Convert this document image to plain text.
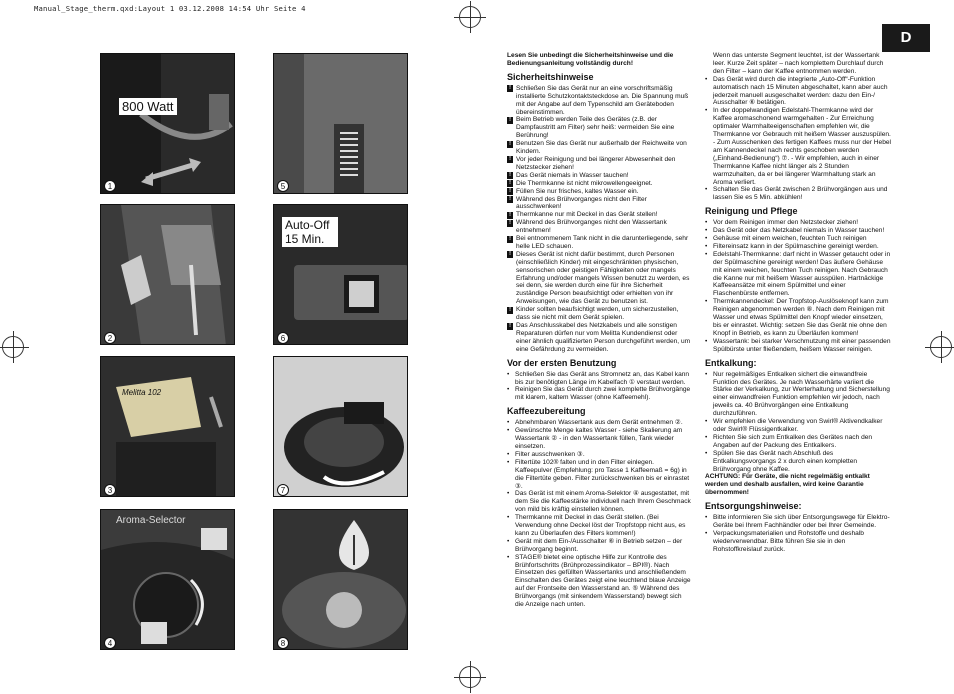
Manual_Stage_therm.qxd:Layout 1 03.12.2008 14:54 Uhr Seite 4
D
800 Watt
1
2
Melitta 102
3
Aroma-Selector
4
5
Auto-Off 15 Min.
6
7
8

Lesen Sie unbedingt die Sicherheitshinweise und die Bedienungsanleitung vollständig durch!

Sicherheitshinweise
! Schließen Sie das Gerät nur an eine vorschriftsmäßig installierte Schutzkontaktsteckdose an. Die Spannung muß mit der Angabe auf dem Typenschild am Geräteboden übereinstimmen.
! Beim Betrieb werden Teile des Gerätes (z.B. der Dampfaustritt am Filter) sehr heiß: vermeiden Sie eine Berührung!
! Benutzen Sie das Gerät nur außerhalb der Reichweite von Kindern.
! Vor jeder Reinigung und bei längerer Abwesenheit den Netzstecker ziehen!
! Das Gerät niemals in Wasser tauchen!
! Die Thermkanne ist nicht mikrowellengeeignet.
! Füllen Sie nur frisches, kaltes Wasser ein.
! Während des Brühvorganges nicht den Filter ausschwenken!
! Thermkanne nur mit Deckel in das Gerät stellen!
! Während des Brühvorganges nicht den Wassertank entnehmen!
! Bei entnommenem Tank nicht in die darunterliegende, sehr helle LED schauen.
! Dieses Gerät ist nicht dafür bestimmt, durch Personen (einschließlich Kinder) mit eingeschränkten physischen, sensorischen oder geistigen Fähigkeiten oder mangels Erfahrung und/oder mangels Wissen benutzt zu werden, es sei denn, sie werden durch eine für ihre Sicherheit zuständige Person beaufsichtigt oder erhielten von ihr Anweisungen, wie das Gerät zu benutzen ist.
! Kinder sollten beaufsichtigt werden, um sicherzustellen, dass sie nicht mit dem Gerät spielen.
! Das Anschlusskabel des Netzkabels und alle sonstigen Reparaturen dürfen nur vom Melitta Kundendienst oder einer ähnlich qualifizierten Person durchgeführt werden, um eine Gefährdung zu vermeiden.
Vor der ersten Benutzung
• Schließen Sie das Gerät ans Stromnetz an, das Kabel kann bis zur benötigten Länge im Kabelfach ① verstaut werden.
• Reinigen Sie das Gerät durch zwei komplette Brühvorgänge mit klarem, kaltem Wasser (ohne Kaffeemehl).
Kaffeezubereitung
• Abnehmbaren Wassertank aus dem Gerät entnehmen ②.
• Gewünschte Menge kaltes Wasser - siehe Skalierung am Wassertank ② - in den Wassertank füllen, Tank wieder einsetzen.
• Filter ausschwenken ③.
• Filtertüte 102® falten und in den Filter einlegen. Kaffeepulver (Empfehlung: pro Tasse 1 Kaffeemaß = 6g) in die Filtertüte geben. Filter zurückschwenken bis er einrastet ③.
• Das Gerät ist mit einem Aroma-Selektor ④ ausgestattet, mit dem Sie die Kaffeestärke individuell nach Ihrem Geschmack von mild bis kräftig einstellen können.
• Thermkanne mit Deckel in das Gerät stellen. (Bei Verwendung ohne Deckel löst der Tropfstopp nicht aus, es kann zu Überlaufen des Filters kommen!)
• Gerät mit dem Ein-/Ausschalter ⑥ in Betrieb setzen – der Brühvorgang beginnt.
• STAGE® bietet eine optische Hilfe zur Kontrolle des Brühfortschritts (Brühprozessindikator – BPI®). Nach Einsetzen des gefüllten Wassertanks und anschließendem Einschalten des Gerätes zeigt eine leuchtend blaue Anzeige auf der Frontseite den Wasserstand an. ⑤ Während des Brühvorgangs (mit sinkendem Wasserstand) bewegt sich die Anzeige nach unten.

Wenn das unterste Segment leuchtet, ist der Wassertank leer. Kurze Zeit später – nach komplettem Durchlauf durch den Filter – kann der Kaffee entnommen werden.

• Das Gerät wird durch die integrierte „Auto-Off“-Funktion automatisch nach 15 Minuten abgeschaltet, kann aber auch jederzeit manuell ausgeschaltet werden: dazu den Ein-/ Ausschalter ⑥ betätigen.
• In der doppelwandigen Edelstahl-Thermkanne wird der Kaffee aromaschonend warmgehalten - Zur Erreichung optimaler Warmhalteeigenschaften empfehlen wir, die Thermkanne vor Gebrauch mit heißem Wasser auszuspülen. - Zum Ausschenken des fertigen Kaffees muss nur der Hebel am Kannendeckel nach rechts geschoben werden („Einhand-Bedienung“) ⑦. - Wir empfehlen, auch in einer Thermkanne Kaffee nicht länger als 2 Stunden warmzuhalten, da er bei längerer Warmhaltung stark an Aroma verliert.
• Schalten Sie das Gerät zwischen 2 Brühvorgängen aus und lassen Sie es 5 Min. abkühlen!
Reinigung und Pflege
• Vor dem Reinigen immer den Netzstecker ziehen!
• Das Gerät oder das Netzkabel niemals in Wasser tauchen!
• Gehäuse mit einem weichen, feuchten Tuch reinigen
• Filtereinsatz kann in der Spülmaschine gereinigt werden.
• Edelstahl-Thermkanne: darf nicht in Wasser getaucht oder in der Spülmaschine gereinigt werden! Das äußere Gehäuse mit einem weichen, feuchten Tuch reinigen. Nach Gebrauch die Kanne nur mit heißem Wasser ausspülen. Hartnäckige Kaffeeansätze mit einem Spülmittel und einer Flaschenbürste entfernen.
• Thermkannendeckel: Der Tropfstop-Auslöseknopf kann zum Reinigen abgenommen werden ⑧. Nach dem Reinigen mit Wasser und etwas Spülmittel den Knopf wieder einsetzen, bis er einrastet. Wichtig: setzen Sie das Gerät nie ohne den Knopf in Betrieb, es kann zu Überläufen kommen!
• Wassertank: bei starker Verschmutzung mit einer passenden Spülbürste unter fließendem, heißem Wasser reinigen.
Entkalkung:
• Nur regelmäßiges Entkalken sichert die einwandfreie Funktion des Gerätes. Je nach Wasserhärte variiert die Stärke der Verkalkung, zur Werterhaltung und Sicherstellung einer einwandfreien Funktion empfehlen wir jedoch, nach jeweils ca. 40 Brühvorgängen eine Entkalkung durchzuführen.
• Wir empfehlen die Verwendung von Swirl® Aktivendkalker oder Swirl® Flüssigentkalker.
• Richten Sie sich zum Entkalken des Gerätes nach den Angaben auf der Packung des Entkalkers.
• Spülen Sie das Gerät nach Abschluß des Entkalkungsvorgangs 2 x durch einen kompletten Brühvorgang ohne Kaffee.

ACHTUNG: Für Geräte, die nicht regelmäßig entkalkt werden und deshalb ausfallen, wird keine Garantie übernommen!

Entsorgungshinweise:
• Bitte informieren Sie sich über Entsorgungswege für Elektro-Geräte bei Ihrem Fachhändler oder bei Ihrer Gemeinde.
• Verpackungsmaterialien und Rohstoffe und deshalb wiederverwendbar. Bitte führen Sie sie in den Rohstoffkreislauf zurück.
